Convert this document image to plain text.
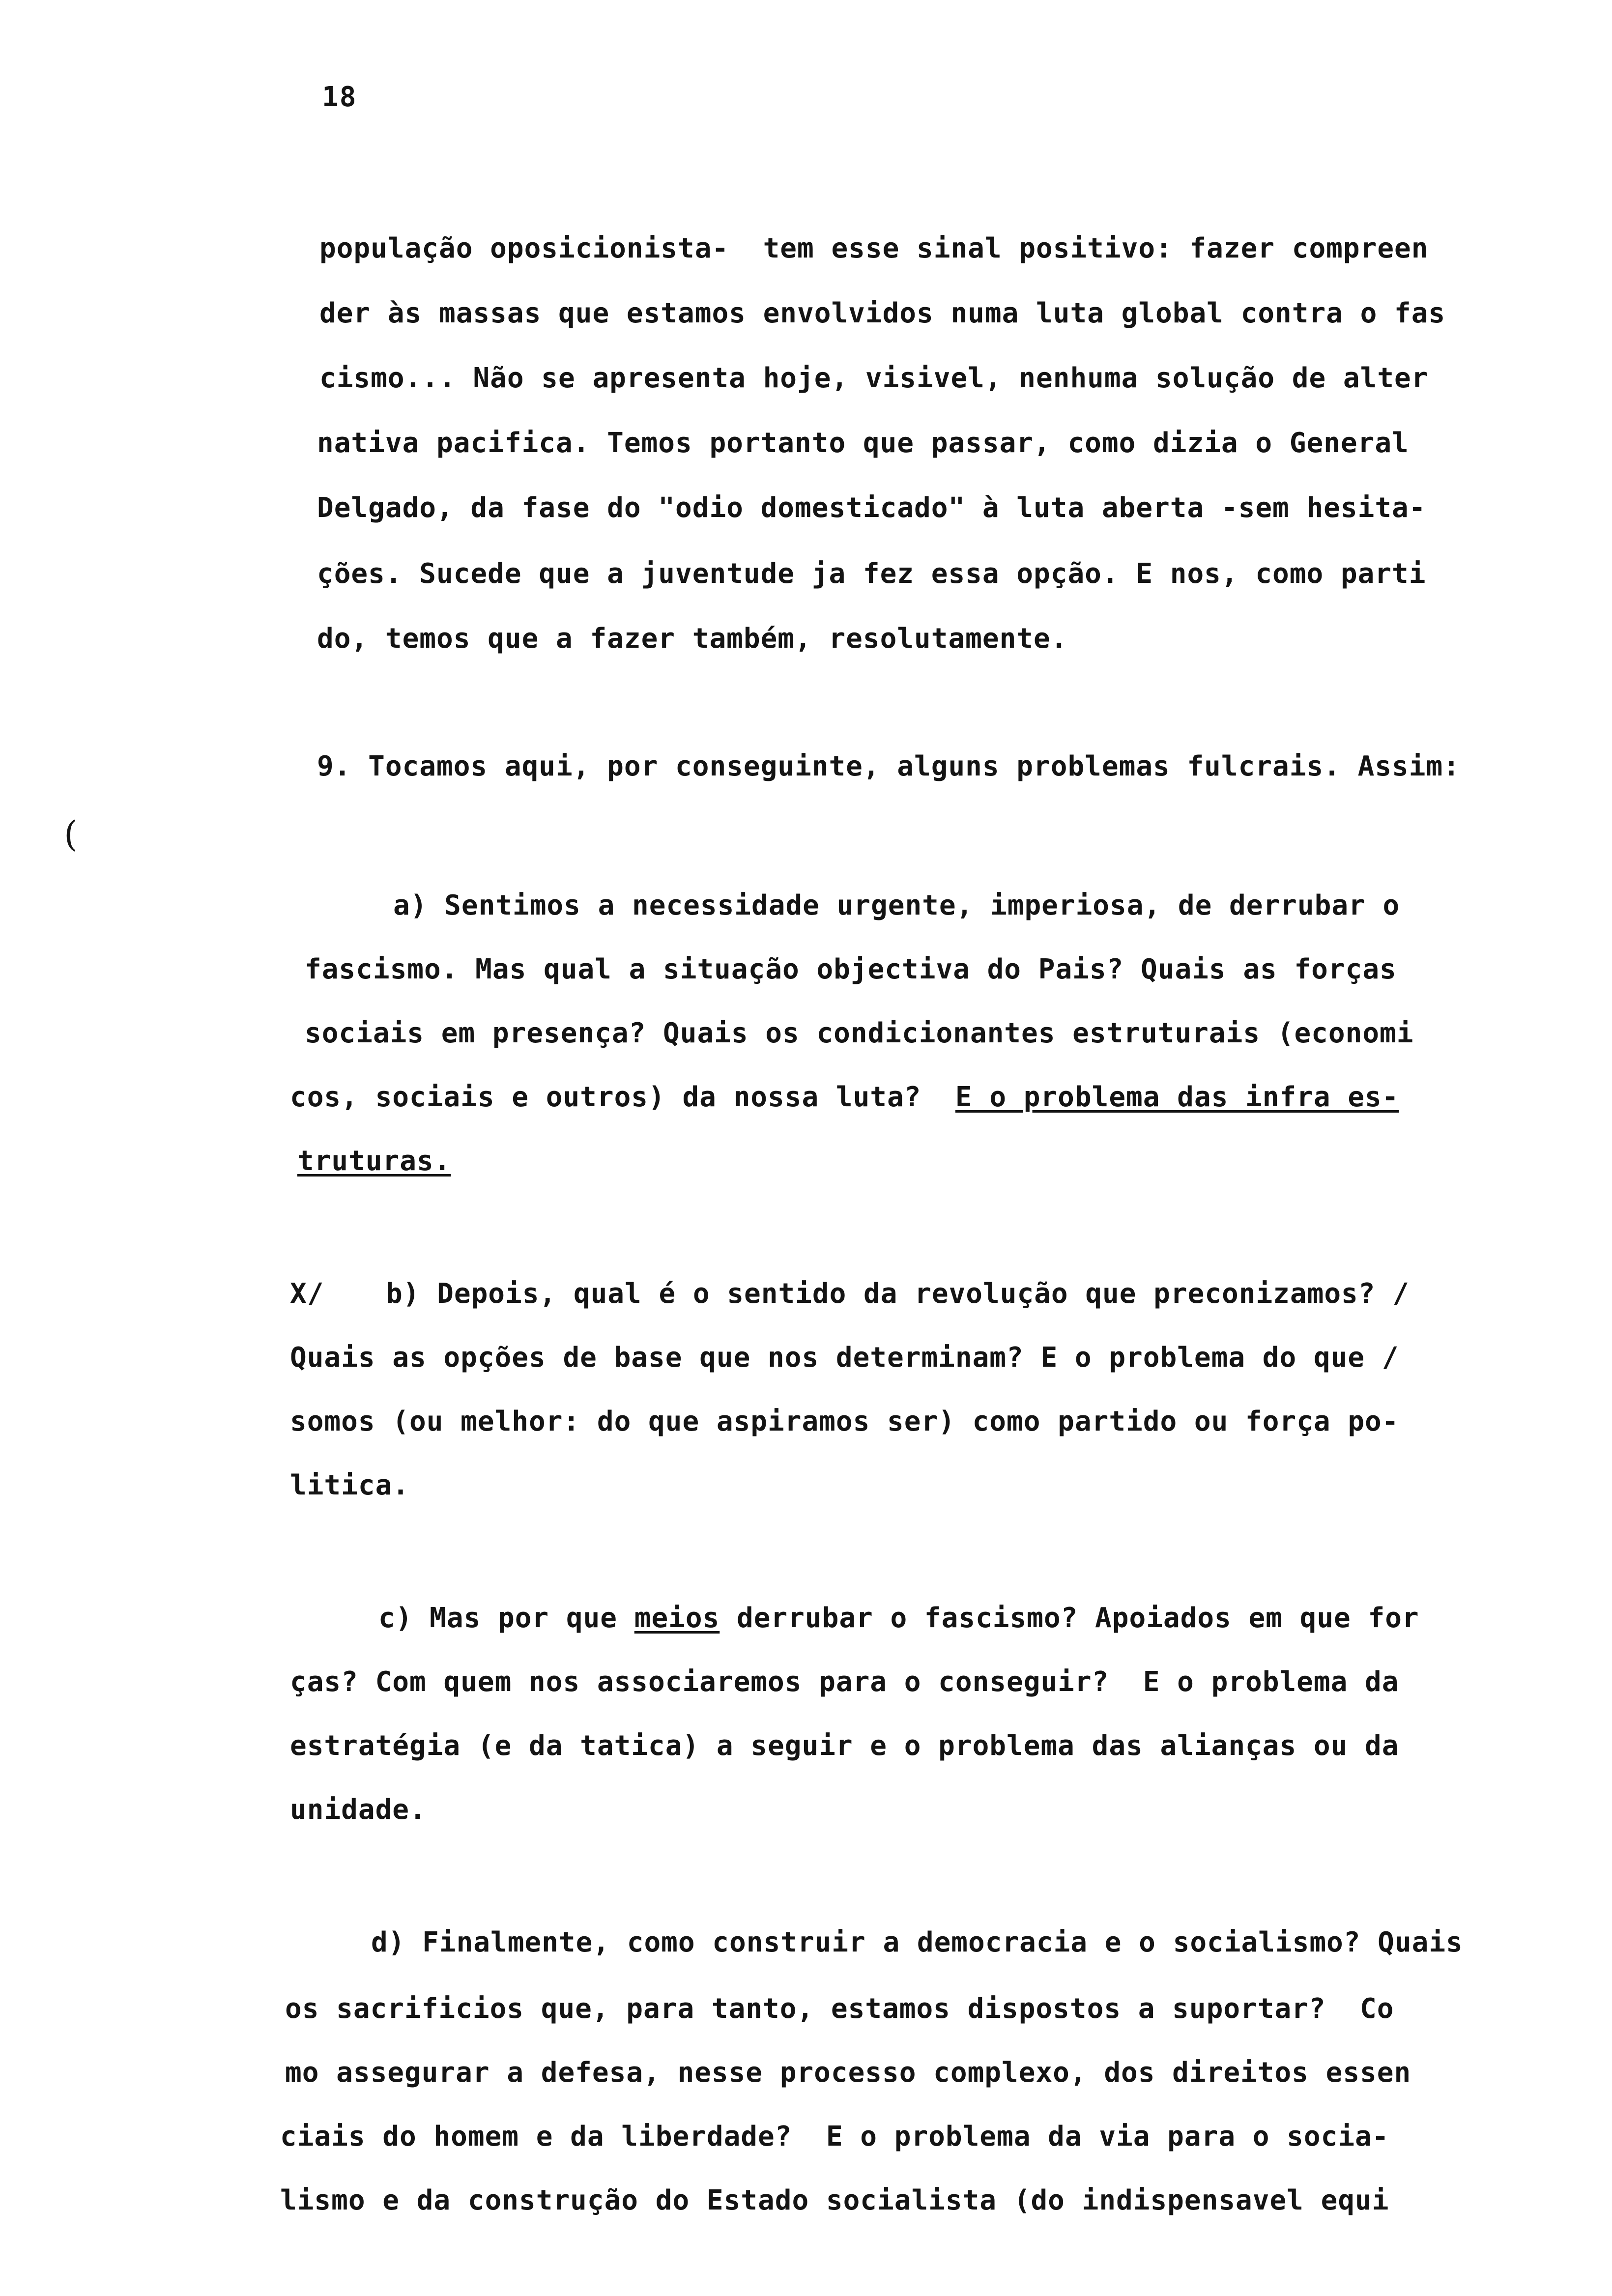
18
população oposicionista-  tem esse sinal positivo: fazer compreen
der às massas que estamos envolvidos numa luta global contra o fas
cismo... Não se apresenta hoje, visivel, nenhuma solução de alter
nativa pacifica. Temos portanto que passar, como dizia o General
Delgado, da fase do "odio domesticado" à luta aberta -sem hesita-
ções. Sucede que a juventude ja fez essa opção. E nos, como parti
do, temos que a fazer também, resolutamente.
9. Tocamos aqui, por conseguinte, alguns problemas fulcrais. Assim:
(
a) Sentimos a necessidade urgente, imperiosa, de derrubar o
fascismo. Mas qual a situação objectiva do Pais? Quais as forças
sociais em presença? Quais os condicionantes estruturais (economi
cos, sociais e outros) da nossa luta? E o problema das infra es-
truturas.
X/ b) Depois, qual é o sentido da revolução que preconizamos? /
Quais as opções de base que nos determinam? E o problema do que /
somos (ou melhor: do que aspiramos ser) como partido ou força po-
litica.
c) Mas por que meios derrubar o fascismo? Apoiados em que for
ças? Com quem nos associaremos para o conseguir?  E o problema da
estratégia (e da tatica) a seguir e o problema das alianças ou da
unidade.
d) Finalmente, como construir a democracia e o socialismo? Quais
os sacrificios que, para tanto, estamos dispostos a suportar?  Co
mo assegurar a defesa, nesse processo complexo, dos direitos essen
ciais do homem e da liberdade?  E o problema da via para o socia-
lismo e da construção do Estado socialista (do indispensavel equi
